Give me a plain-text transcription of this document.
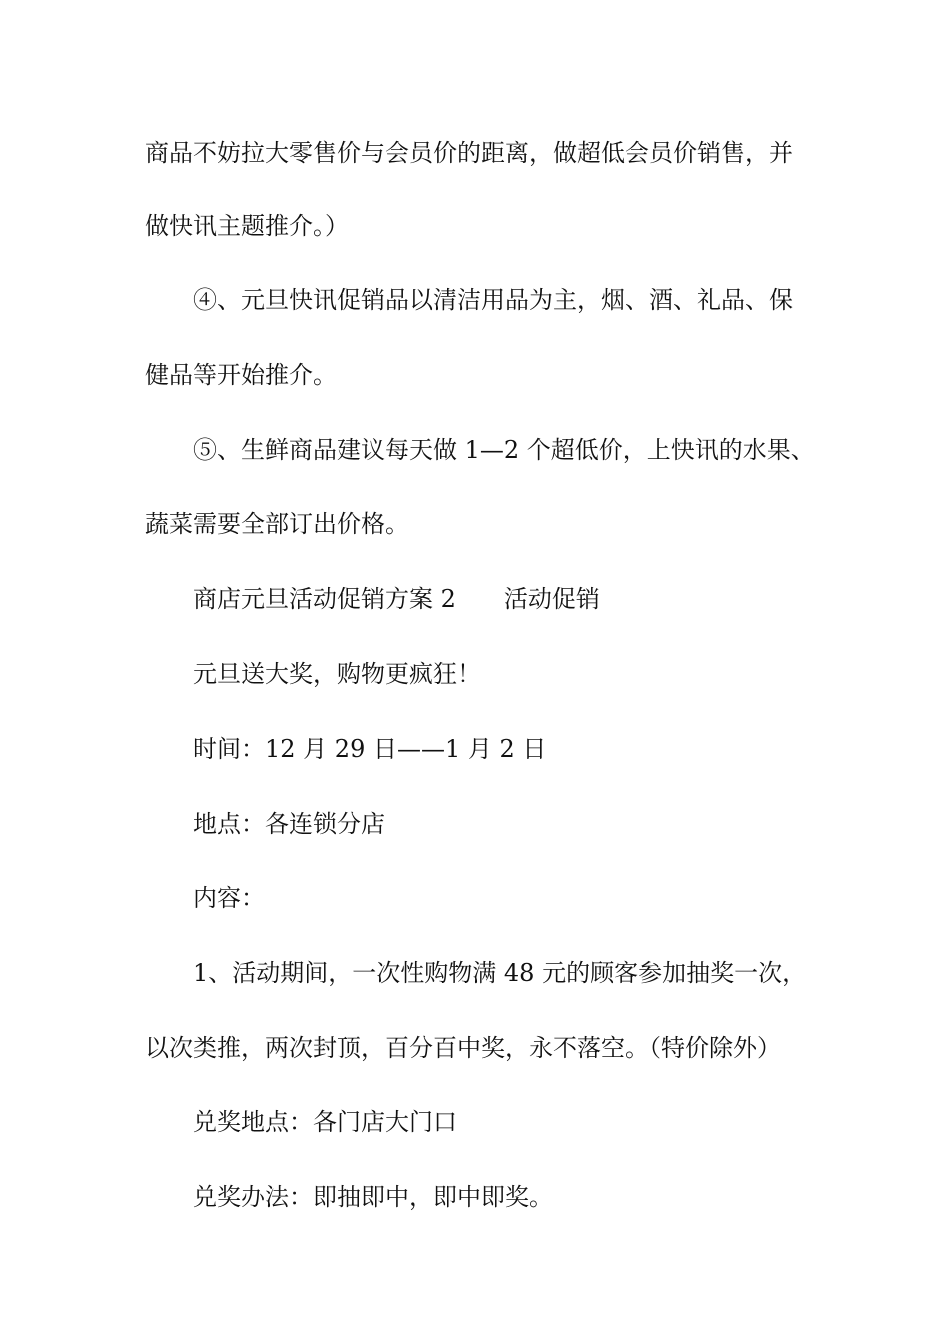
商品不妨拉大零售价与会员价的距离，做超低会员价销售，并
做快讯主题推介。）
④、元旦快讯促销品以清洁用品为主，烟、酒、礼品、保
健品等开始推介。
⑤、生鲜商品建议每天做 1—2 个超低价，上快讯的水果、
蔬菜需要全部订出价格。
商店元旦活动促销方案 2 活动促销
元旦送大奖，购物更疯狂！
时间：12 月 29 日——1 月 2 日
地点：各连锁分店
内容：
1、活动期间，一次性购物满 48 元的顾客参加抽奖一次，
以次类推，两次封顶，百分百中奖，永不落空。（特价除外）
兑奖地点：各门店大门口
兑奖办法：即抽即中，即中即奖。
